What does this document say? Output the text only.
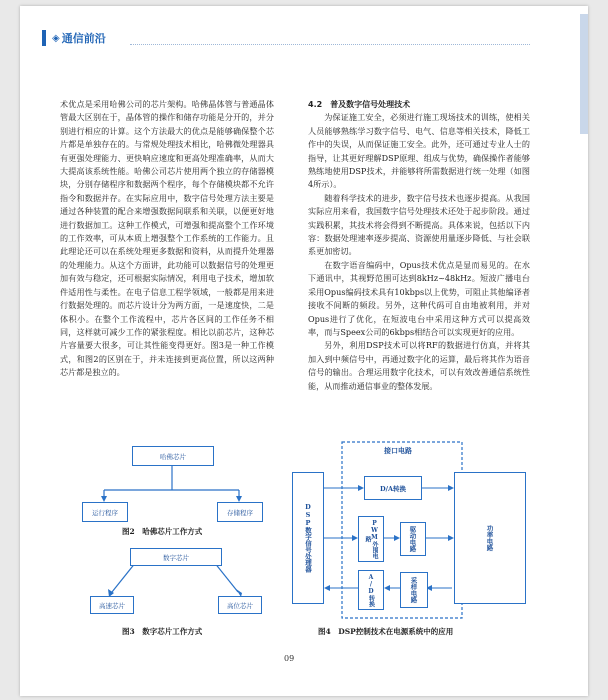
◈ 通信前沿

术优点是采用哈佛公司的芯片架构。哈佛晶体管与普通晶体管最大区别在于，晶体管的操作和储存功能是分开的，并分别进行相应的计算。这个方法最大的优点是能够确保整个芯片都是单独存在的。与常规处理技术相比，哈佛微处理器具有更强处理能力、更快响应速度和更高处理准确率，从而大大提高该系统性能。哈佛公司芯片使用两个独立的存储器模块，分别存储程序和数据两个程序，每个存储模块都不允许指令和数据并存。在实际应用中，数字信号处理方法主要是通过各种装置的配合来增强数据间联系和关联，以便更好地进行数据加工。这种工作模式，可增强和提高整个工作环境的工作效率，可从本质上增强整个工作系统的工作能力。且此理论还可以在系统处理更多数据和资料，从而提升处理器的处理能力。从这个方面讲，此功能可以数据信号的处理更加有效与稳定，还可根据实际情况，利用电子技术，增加软件适用性与柔性。在电子信息工程学领域，一般都是用来进行数据处理的。而芯片设计分为两方面，一是速度快，二是体积小。在整个工作流程中，芯片各区间的工作任务不相同，这样就可减少工作的紧张程度。相比以前芯片，这种芯片容量要大很多，可让其性能变得更好。图3是一种工作模式，和图2的区别在于，并未连接到更高位置，所以这两种芯片都是独立的。

4.2　普及数字信号处理技术

为保证施工安全，必须进行施工现场技术的训练，使相关人员能够熟练学习数字信号、电气、信息等相关技术，降低工作中的失误，从而保证施工安全。此外，还可通过专业人士的指导，让其更好理解DSP原理、组成与优势，确保操作者能够熟练地使用DSP技术，并能够将所需数据进行统一处理（如图4所示）。

随着科学技术的进步，数字信号技术也逐步提高。从我国实际应用来看，我国数字信号处理技术还处于起步阶段。通过实践积累，其技术将会得到不断提高。具体来说，包括以下内容：数据处理速率逐步提高、资源使用量逐步降低、与社会联系更加密切。

在数字语音编码中，Opus技术优点是显而易见的。在水下通讯中，其视野范围可达到8kHz~48kHz。短波广播电台采用Opus编码技术具有10kbps以上优势，可阻止其他编译者接收不间断的频段。另外，这种代码可自由地被利用，并对Opus进行了优化，在短波电台中采用这种方式可以提高效率，而与Speex公司的6kbps相结合可以实现更好的应用。

另外，利用DSP技术可以将RF的数据进行仿真，并将其加入到中频信号中，再通过数字化的运算，最后将其作为语音信号的输出。合理运用数字化技术，可以有效改善通信系统性能，从而推动通信事业的整体发展。

哈佛芯片
运行程序	存储程序
图2　哈佛芯片工作方式
数字芯片
高速芯片	高位芯片
图3　数字芯片工作方式
接口电路
DSP数字信号处理器
D/A转换
PWM外围电路	驱动电路
A/D转换	采样电路
功率电路
图4　DSP控制技术在电源系统中的应用
09
